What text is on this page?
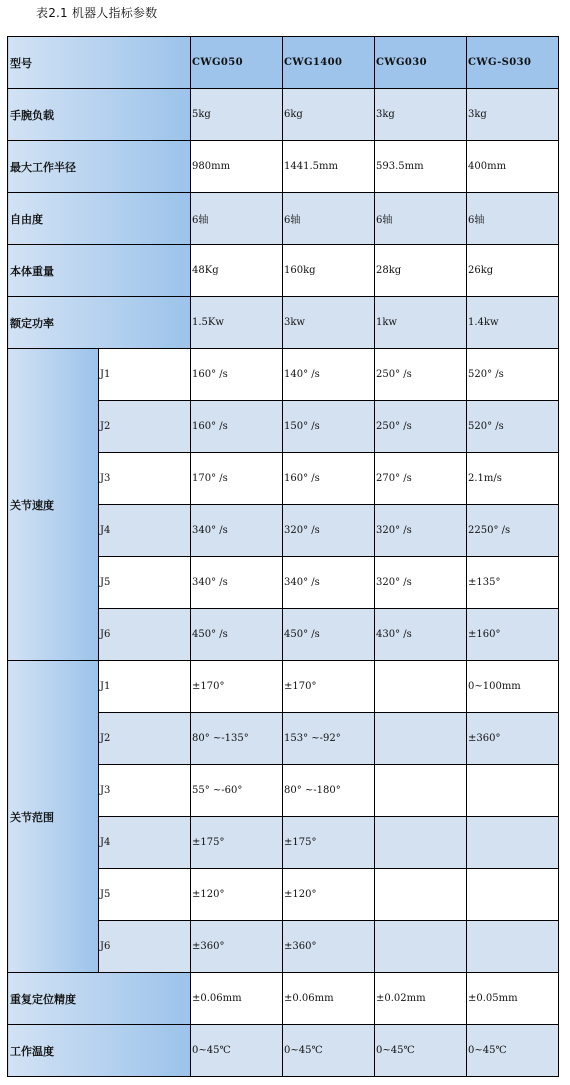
表2.1 机器人指标参数
型号		CWG050	CWG1400	CWG030	CWG-S030
手腕负载		5kg	6kg	3kg	3kg
最大工作半径		980mm	1441.5mm	593.5mm	400mm
自由度		6轴	6轴	6轴	6轴
本体重量		48Kg	160kg	28kg	26kg
额定功率		1.5Kw	3kw	1kw	1.4kw
关节速度	J1	160° /s	140° /s	250° /s	520° /s
	J2	160° /s	150° /s	250° /s	520° /s
	J3	170° /s	160° /s	270° /s	2.1m/s
	J4	340° /s	320° /s	320° /s	2250° /s
	J5	340° /s	340° /s	320° /s	±135°
	J6	450° /s	450° /s	430° /s	±160°
关节范围	J1	±170°	±170°		0~100mm
	J2	80° ~-135°	153° ~-92°		±360°
	J3	55° ~-60°	80° ~-180°		
	J4	±175°	±175°		
	J5	±120°	±120°		
	J6	±360°	±360°		
重复定位精度		±0.06mm	±0.06mm	±0.02mm	±0.05mm
工作温度		0~45℃	0~45℃	0~45℃	0~45℃
